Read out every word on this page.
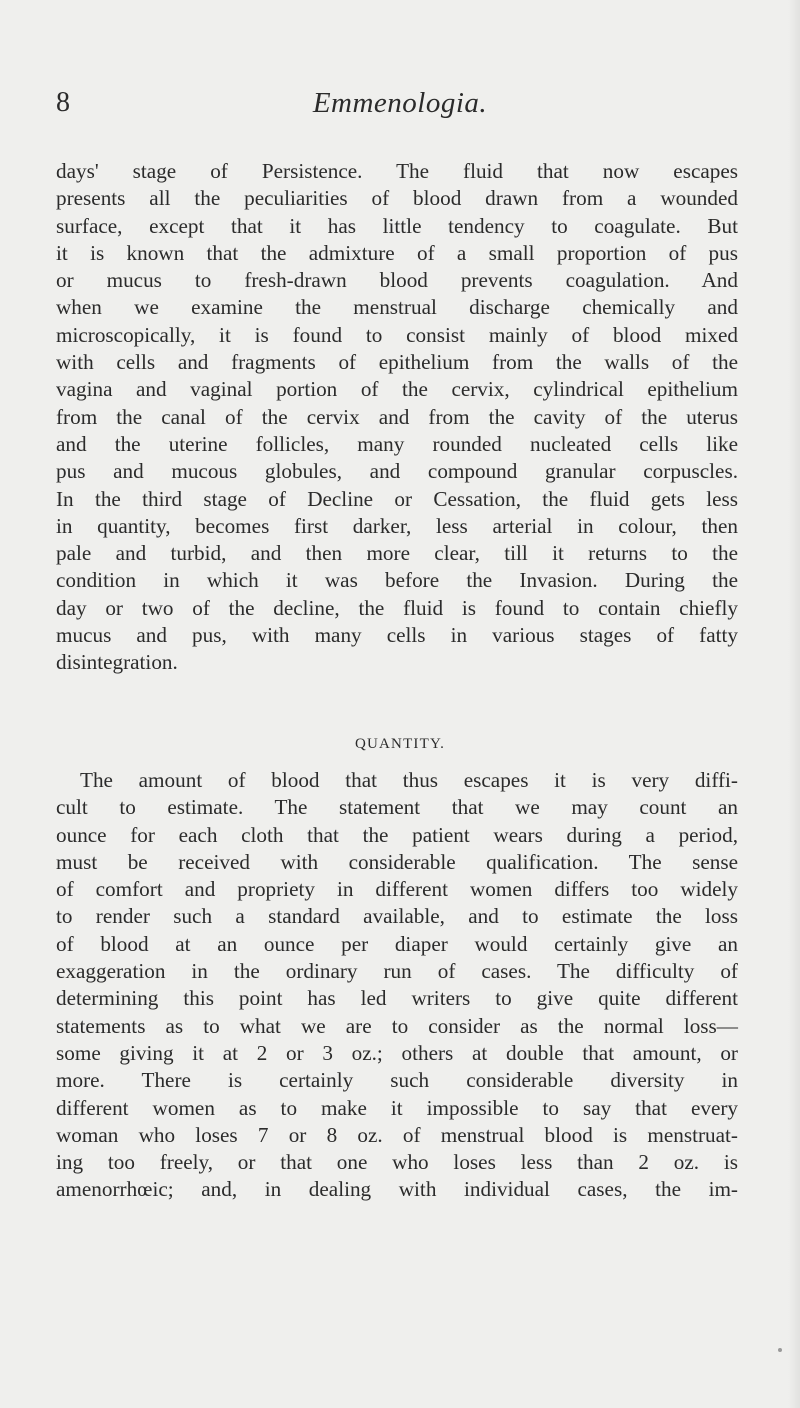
8	Emmenologia.
days' stage of Persistence. The fluid that now escapes
presents all the peculiarities of blood drawn from a wounded
surface, except that it has little tendency to coagulate. But
it is known that the admixture of a small proportion of pus
or mucus to fresh-drawn blood prevents coagulation. And
when we examine the menstrual discharge chemically and
microscopically, it is found to consist mainly of blood mixed
with cells and fragments of epithelium from the walls of the
vagina and vaginal portion of the cervix, cylindrical epithelium
from the canal of the cervix and from the cavity of the uterus
and the uterine follicles, many rounded nucleated cells like
pus and mucous globules, and compound granular corpuscles.
In the third stage of Decline or Cessation, the fluid gets less
in quantity, becomes first darker, less arterial in colour, then
pale and turbid, and then more clear, till it returns to the
condition in which it was before the Invasion. During the
day or two of the decline, the fluid is found to contain chiefly
mucus and pus, with many cells in various stages of fatty
disintegration.
QUANTITY.
The amount of blood that thus escapes it is very diffi-
cult to estimate. The statement that we may count an
ounce for each cloth that the patient wears during a period,
must be received with considerable qualification. The sense
of comfort and propriety in different women differs too widely
to render such a standard available, and to estimate the loss
of blood at an ounce per diaper would certainly give an
exaggeration in the ordinary run of cases. The difficulty of
determining this point has led writers to give quite different
statements as to what we are to consider as the normal loss—
some giving it at 2 or 3 oz.; others at double that amount, or
more. There is certainly such considerable diversity in
different women as to make it impossible to say that every
woman who loses 7 or 8 oz. of menstrual blood is menstruat-
ing too freely, or that one who loses less than 2 oz. is
amenorrhœic; and, in dealing with individual cases, the im-
